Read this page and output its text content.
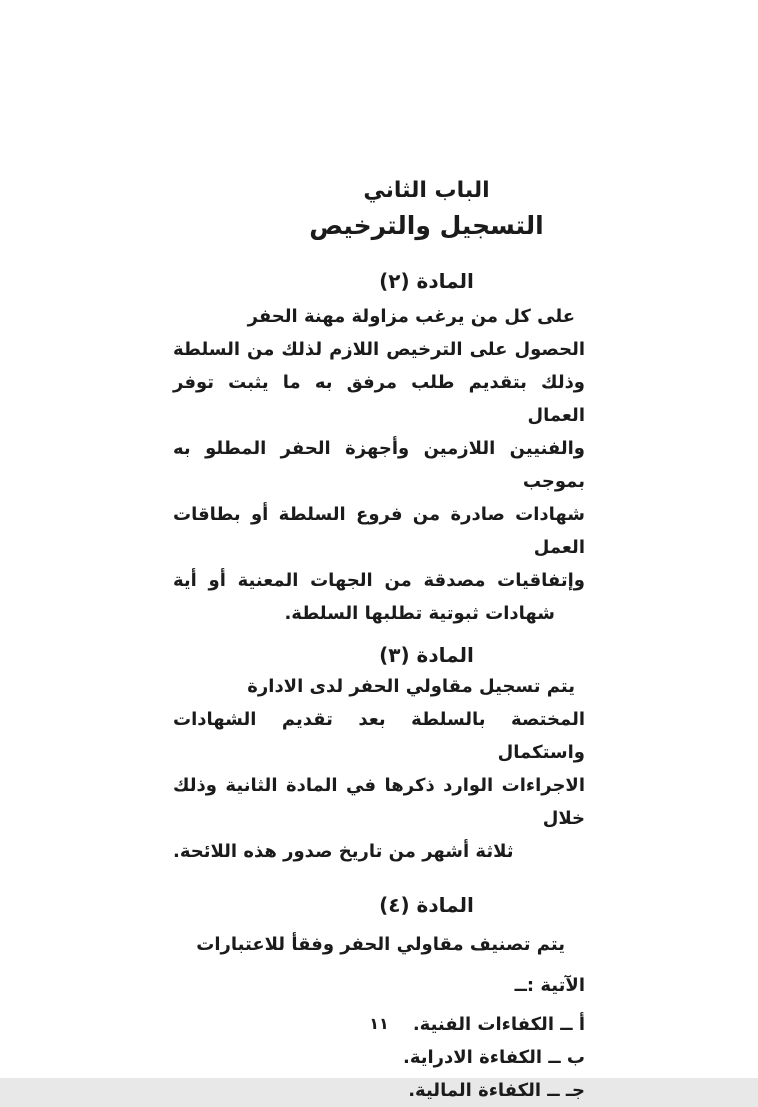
الباب الثاني
التسجيل والترخيص
المادة (٢)
على كل من يرغب مزاولة مهنة الحفر
الحصول على الترخيص اللازم لذلك من السلطة
وذلك بتقديم طلب مرفق به ما يثبت توفر العمال
والفنيين اللازمين وأجهزة الحفر المطلو به بموجب
شهادات صادرة من فروع السلطة أو بطاقات العمل
وإتفاقيات مصدقة من الجهات المعنية أو أية
شهادات ثبوتية تطلبها السلطة.
المادة (٣)
يتم تسجيل مقاولي الحفر لدى الادارة
المختصة بالسلطة بعد تقديم الشهادات واستكمال
الاجراءات الوارد ذكرها في المادة الثانية وذلك خلال
ثلاثة أشهر من تاريخ صدور هذه اللائحة.
المادة (٤)
يتم تصنيف مقاولي الحفر وفقأ للاعتبارات
الآتية :ــ
أ ــ الكفاءات الفنية.
ب ــ الكفاءة الادراية.
جـ ــ الكفاءة المالية.
١١
